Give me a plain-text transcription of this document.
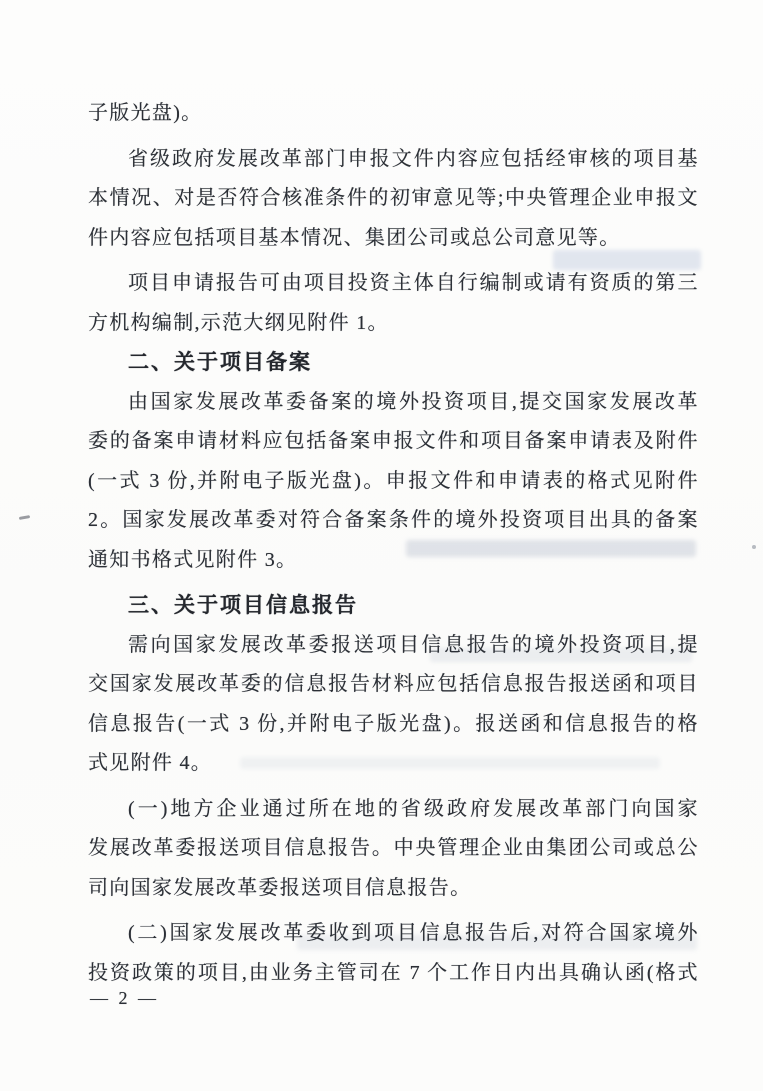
子版光盘)。
省级政府发展改革部门申报文件内容应包括经审核的项目基
本情况、对是否符合核准条件的初审意见等;中央管理企业申报文
件内容应包括项目基本情况、集团公司或总公司意见等。
项目申请报告可由项目投资主体自行编制或请有资质的第三
方机构编制,示范大纲见附件 1。
二、关于项目备案
由国家发展改革委备案的境外投资项目,提交国家发展改革
委的备案申请材料应包括备案申报文件和项目备案申请表及附件
(一式 3 份,并附电子版光盘)。申报文件和申请表的格式见附件
2。国家发展改革委对符合备案条件的境外投资项目出具的备案
通知书格式见附件 3。
三、关于项目信息报告
需向国家发展改革委报送项目信息报告的境外投资项目,提
交国家发展改革委的信息报告材料应包括信息报告报送函和项目
信息报告(一式 3 份,并附电子版光盘)。报送函和信息报告的格
式见附件 4。
(一)地方企业通过所在地的省级政府发展改革部门向国家
发展改革委报送项目信息报告。中央管理企业由集团公司或总公
司向国家发展改革委报送项目信息报告。
(二)国家发展改革委收到项目信息报告后,对符合国家境外
投资政策的项目,由业务主管司在 7 个工作日内出具确认函(格式
— 2 —
